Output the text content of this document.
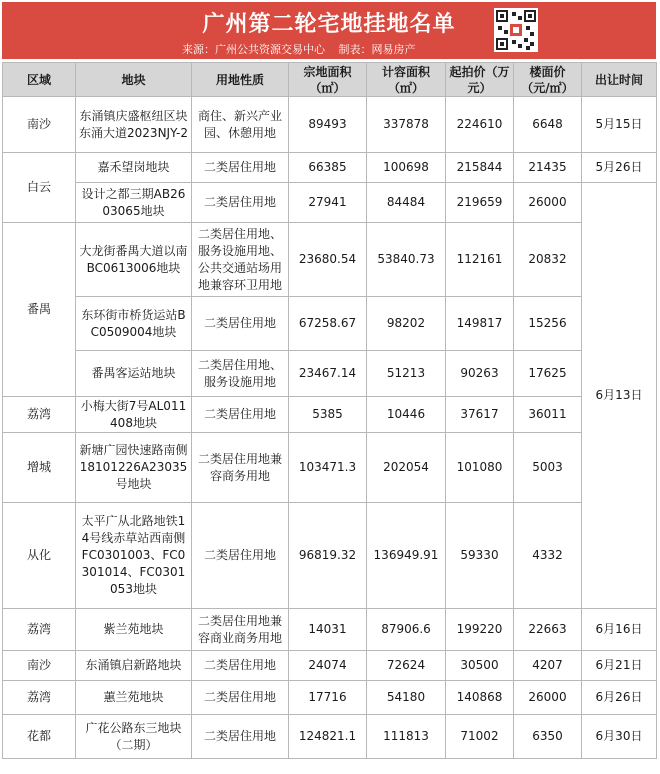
广州第二轮宅地挂地名单
来源：广州公共资源交易中心 制表：网易房产
区域	地块	用地性质	宗地面积（㎡）	计容面积（㎡）	起拍价（万元）	楼面价（元/㎡）	出让时间
南沙	东涌镇庆盛枢纽区块东涌大道2023NJY-2	商住、新兴产业园、休憩用地	89493	337878	224610	6648	5月15日
白云	嘉禾望岗地块	二类居住用地	66385	100698	215844	21435	5月26日
	设计之都三期AB2603065地块	二类居住用地	27941	84484	219659	26000	6月13日
番禺	大龙街番禺大道以南BC0613006地块	二类居住用地、服务设施用地、公共交通站场用地兼容环卫用地	23680.54	53840.73	112161	20832	
	东环街市桥货运站BC0509004地块	二类居住用地	67258.67	98202	149817	15256	
	番禺客运站地块	二类居住用地、服务设施用地	23467.14	51213	90263	17625	
荔湾	小梅大街7号AL011408地块	二类居住用地	5385	10446	37617	36011	
增城	新塘广园快速路南侧 18101226A23035号地块	二类居住用地兼容商务用地	103471.3	202054	101080	5003	
从化	太平广从北路地铁14号线赤草站西南侧 FC0301003、FC0301014、FC0301053地块	二类居住用地	96819.32	136949.91	59330	4332	
荔湾	紫兰苑地块	二类居住用地兼容商业商务用地	14031	87906.6	199220	22663	6月16日
南沙	东涌镇启新路地块	二类居住用地	24074	72624	30500	4207	6月21日
荔湾	蕙兰苑地块	二类居住用地	17716	54180	140868	26000	6月26日
花都	广花公路东三地块（二期）	二类居住用地	124821.1	111813	71002	6350	6月30日
